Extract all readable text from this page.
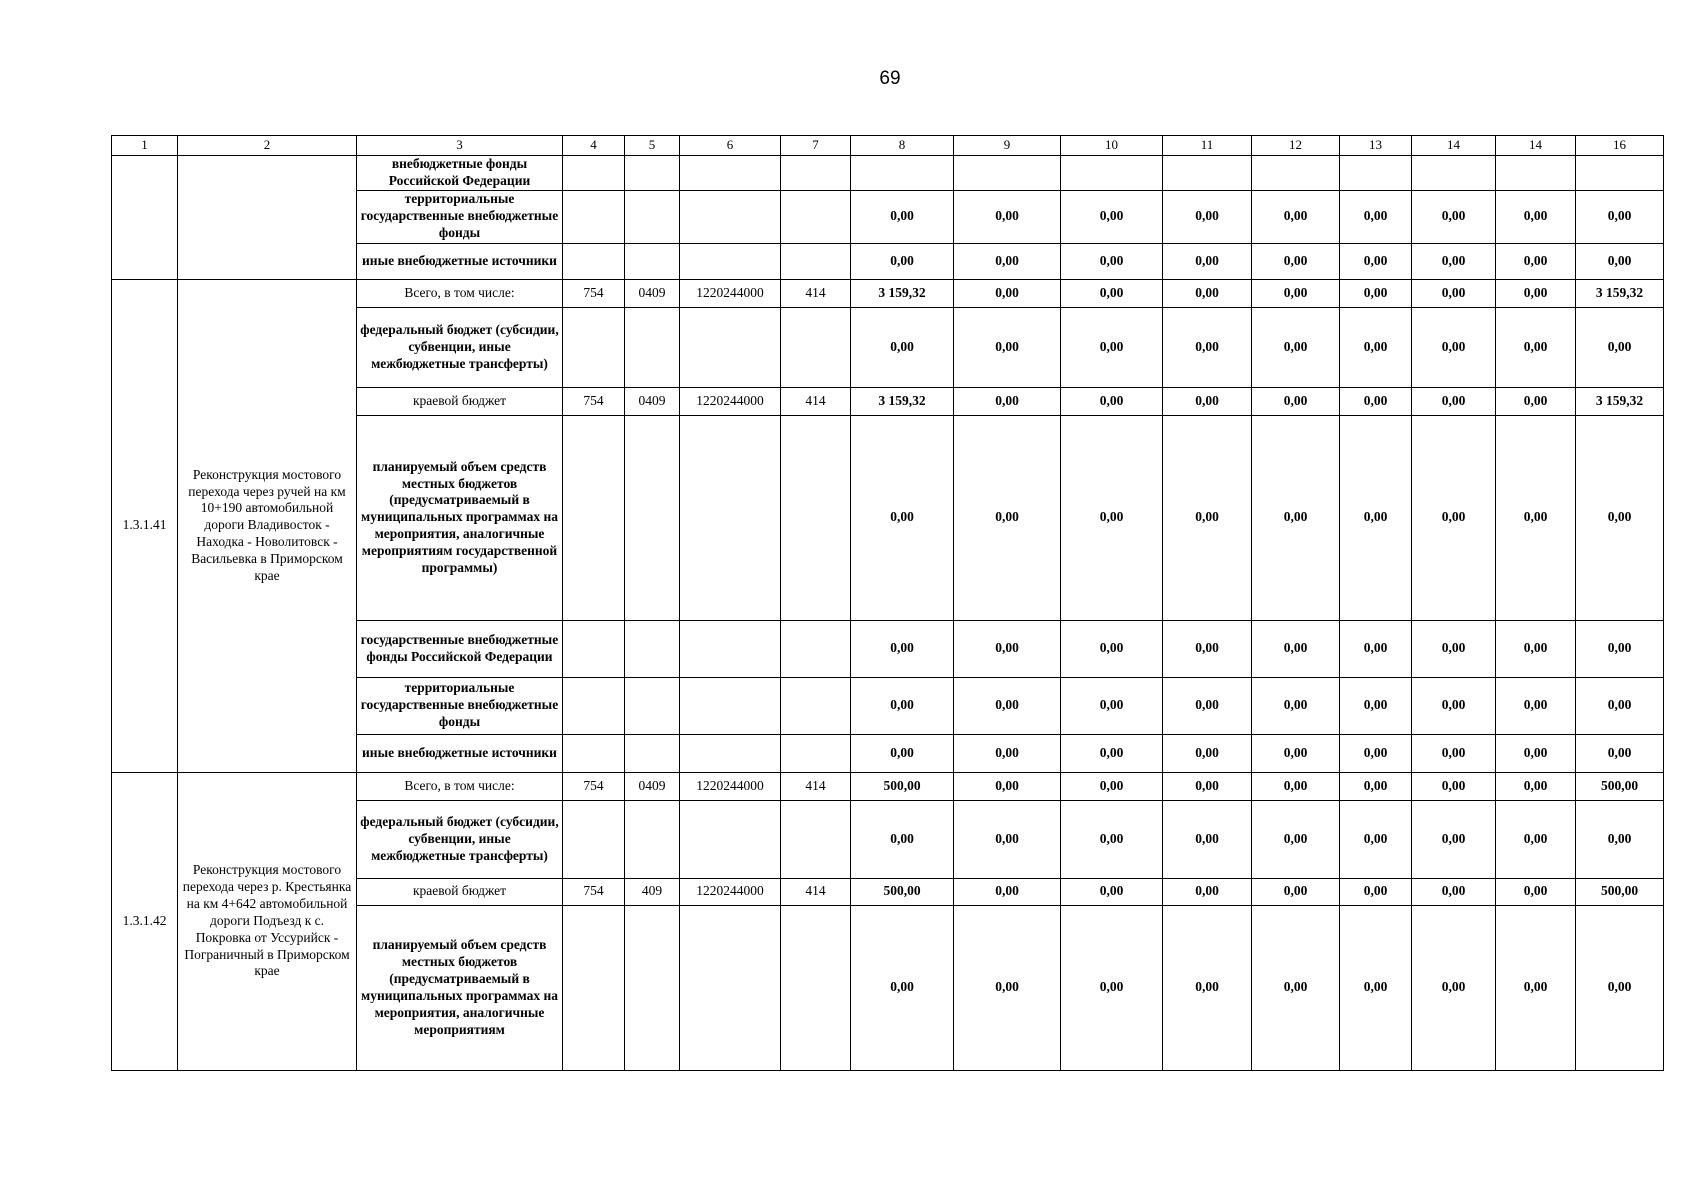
69
1	2	3	4	5	6	7	8	9	10	11	12	13	14	14	16
		внебюджетные фонды Российской Федерации													
		территориальные государственные внебюджетные фонды					0,00	0,00	0,00	0,00	0,00	0,00	0,00	0,00	0,00
		иные внебюджетные источники					0,00	0,00	0,00	0,00	0,00	0,00	0,00	0,00	0,00
1.3.1.41	Реконструкция мостового перехода через ручей на км 10+190 автомобильной дороги Владивосток - Находка - Новолитовск - Васильевка в Приморском крае	Всего, в том числе:	754	0409	1220244000	414	3 159,32	0,00	0,00	0,00	0,00	0,00	0,00	0,00	3 159,32
		федеральный бюджет (субсидии, субвенции, иные межбюджетные трансферты)					0,00	0,00	0,00	0,00	0,00	0,00	0,00	0,00	0,00
		краевой бюджет	754	0409	1220244000	414	3 159,32	0,00	0,00	0,00	0,00	0,00	0,00	0,00	3 159,32
		планируемый объем средств местных бюджетов (предусматриваемый в муниципальных программах на мероприятия, аналогичные мероприятиям государственной программы)					0,00	0,00	0,00	0,00	0,00	0,00	0,00	0,00	0,00
		государственные внебюджетные фонды Российской Федерации					0,00	0,00	0,00	0,00	0,00	0,00	0,00	0,00	0,00
		территориальные государственные внебюджетные фонды					0,00	0,00	0,00	0,00	0,00	0,00	0,00	0,00	0,00
		иные внебюджетные источники					0,00	0,00	0,00	0,00	0,00	0,00	0,00	0,00	0,00
1.3.1.42	Реконструкция мостового перехода через р. Крестьянка на км 4+642 автомобильной дороги Подъезд к с. Покровка от Уссурийск - Пограничный в Приморском крае	Всего, в том числе:	754	0409	1220244000	414	500,00	0,00	0,00	0,00	0,00	0,00	0,00	0,00	500,00
		федеральный бюджет (субсидии, субвенции, иные межбюджетные трансферты)					0,00	0,00	0,00	0,00	0,00	0,00	0,00	0,00	0,00
		краевой бюджет	754	409	1220244000	414	500,00	0,00	0,00	0,00	0,00	0,00	0,00	0,00	500,00
		планируемый объем средств местных бюджетов (предусматриваемый в муниципальных программах на мероприятия, аналогичные мероприятиям					0,00	0,00	0,00	0,00	0,00	0,00	0,00	0,00	0,00
